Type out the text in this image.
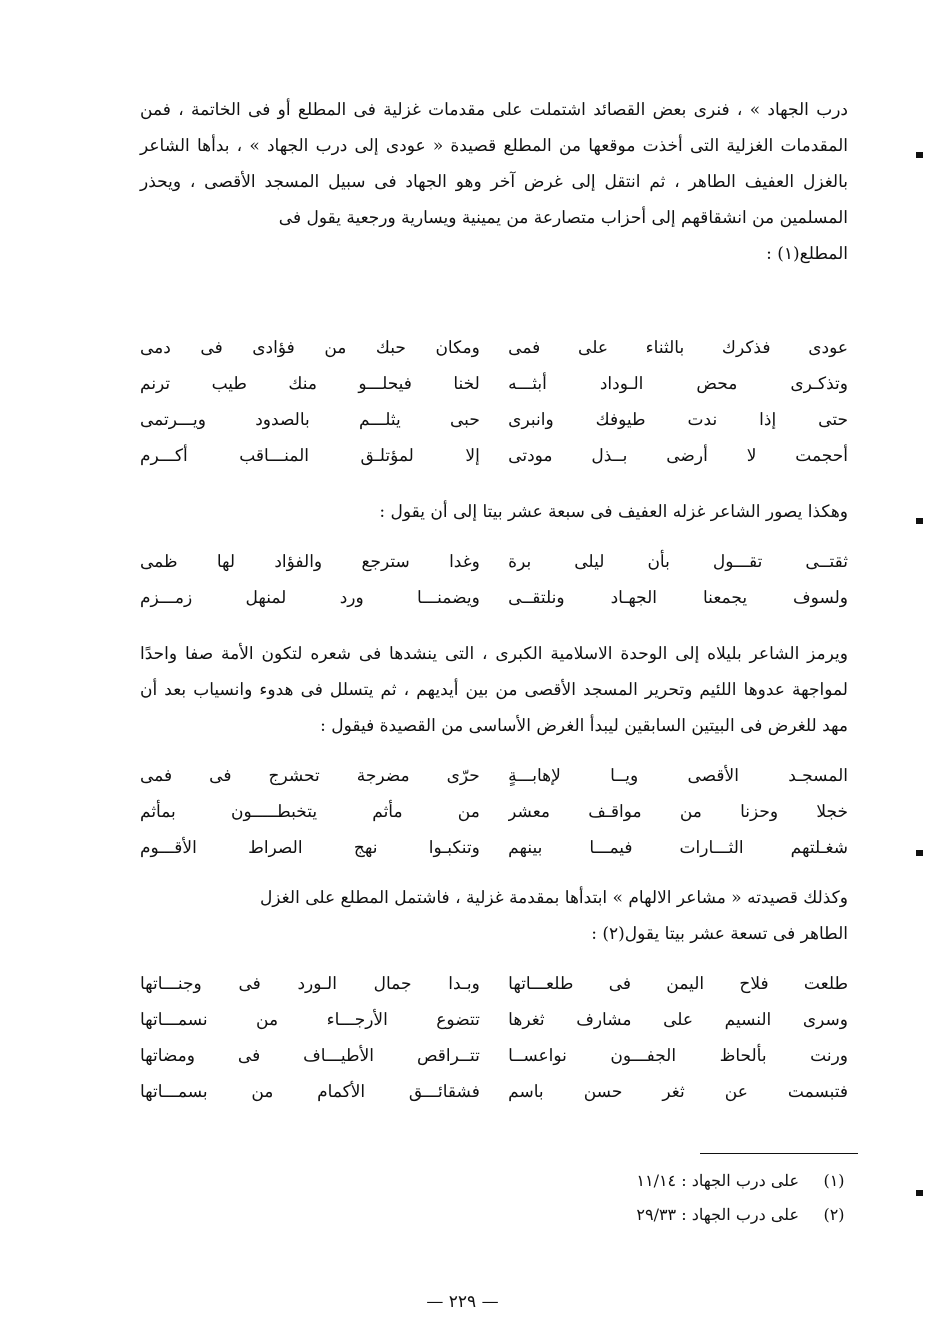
درب الجهاد » ، فنرى بعض القصائد اشتملت على مقدمات غزلية فى المطلع أو فى الخاتمة ، فمن المقدمات الغزلية التى أخذت موقعها من المطلع قصيدة « عودى إلى درب الجهاد » ، بدأها الشاعر بالغزل العفيف الطاهر ، ثم انتقل إلى غرض آخر وهو الجهاد فى سبيل المسجد الأقصى ، ويحذر المسلمين من انشقاقهم إلى أحزاب متصارعة من يمينية ويسارية ورجعية يقول فى
المطلع(١) :

عودى فذكرك بالثناء على فمى
ومكان حبك من فؤادى فى دمى
وتذكـرى محض الـوداد أبثـــه
لخنا فيحلـــو منك طيب ترنم
حتى إذا ندت طيوفك وانبرى
حبى يثلـــم بالصدود ويـــرتمى
أحجمت لا أرضى بــذل مودتى
إلا لمؤتلـق المنـــاقب أكـــرم

وهكذا يصور الشاعر غزله العفيف فى سبعة عشر بيتا إلى أن يقول :

ثقتــى تقـــول بأن ليلى برة
وغدا سترجع والفؤاد لها ظمى
ولسوف يجمعنا الجهـاد ونلتقــى
ويضمنـــا ورد لمنهل زمـــزم

ويرمز الشاعر بليلاه إلى الوحدة الاسلامية الكبرى ، التى ينشدها فى شعره لتكون الأمة صفا واحدًا لمواجهة عدوها اللئيم وتحرير المسجد الأقصى من بين أيديهم ، ثم يتسلل فى هدوء وانسياب بعد أن مهد للغرض فى البيتين السابقين ليبدأ الغرض الأساسى من القصيدة فيقول :

المسجـد الأقصى ويــا لإهابـــةٍ
حرّى مضرجة تحشرج فى فمى
خجلا وحزنا من مواقـف معشر
من مأثم يتخبطـــــون بمأثم
شغـلتهم الثـــارات فيمـــا بينهم
وتنكبـوا نهج الصراط الأقـــوم

وكذلك قصيدته « مشاعر الالهام » ابتدأها بمقدمة غزلية ، فاشتمل المطلع على الغزل
الطاهر فى تسعة عشر بيتا يقول(٢) :

طلعت فلاح اليمن فى طلعـــاتها
وبـدا جمال الـورد فى وجنـــاتها
وسرى النسيم على مشارف ثغرها
تتضوع الأرجـــاء من نسمـــاتها
ورنت بألحاظ الجفـــون نواعســا
تتــراقص الأطيـــاف فى ومضاتها
فتبسمت عن ثغر حسن باسم
فشقائـــق الأكمام من بسمـــاتها
(١)
على درب الجهاد : ١١/١٤
(٢)
على درب الجهاد : ٢٩/٣٣
— ٢٢٩ —
